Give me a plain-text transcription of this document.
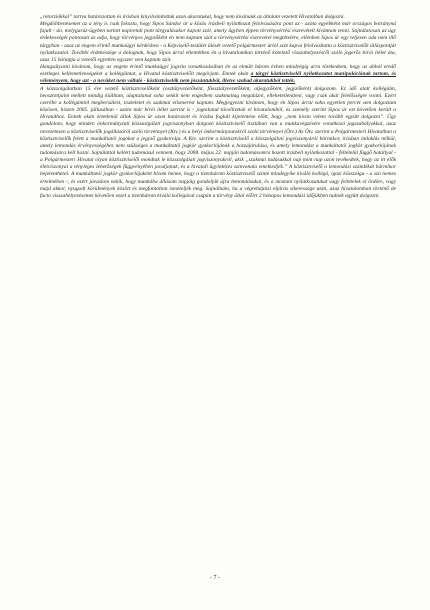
„retorziókkal” tartva határozottan és írásban kinyilvánítottuk azon akaratukat, hogy nem kívánunk az általam vezetett Hivatalban dolgozni.

Megdöbbenésemet az a tény is csak fokozta, hogy Sipos Sándor úr a közös írásbeli nyilatkozat felolvasására pont az - azóta egyébként már országos botrányná fajult - ún. melygaráz-ügyben tartott napirendi pont tárgyalásakor kapott szót, amely ügyben éppen törvénysértési észrevételt kívántam tenni. Sajnálatosan az úgy érdekességét pontosan az adja, hogy törvényes jegyzőként én nem kaptam szót a törvénysértési észrevétel megtételére, ellenben Sipos úr egy teljesen oda nem illő tárgyban - azaz az engem érintő munkaügyi kérdésben - a Képviselő-testület ülését vezető polgármester úrtól szót kapva felolvashatta a köztisztviselők álláspontját nyilatkozatot. További érdekessége a dolognak, hogy Sipos úrral ellentétben én a hivatalomban történő kötelező visszahelyezésről szóló jogerős bírói ítélet óta, azaz 15 hónapja a vezetői egyetlen egyszer sem kaptam szót.

Hangsúlyozni kívánom, hogy az engem érintő munkaügyi jogvita vonatkozásában én az elmúlt három évben mindvégig arra törekedtem, hogy az abból eredő esetleges kellemetlenségeket a kollégáimat, a Hivatal köztisztviselőit megóvjam. Ennek okán a tárgyi köztisztviselői nyilatkozatot manipulációnak tartom, és véleményem, hogy azt - a nevüket nem vállaló - köztisztviselők nem jószántukból, illetve szabad akaratukból tették.

A közszolgálatban 15 éve vezető köztisztviselőként (osztályvezetőként, főosztályvezetőként, aljegyzőként, jegyzőként) dolgozom. Ez idő alatt kollégáim, beosztottjaim mellett mindig kiálltam, alaptalanul soha senkit nem engedtem szakmailag megalázni, ellehetetleníteni, vagy csak akár felelősségre vonni. Ezért cserébe a kollégámtól megbecsülést, tiszteletet és szakmai elismerést kaptam. Megjegyezni kívánom, hogy én Sipos úrral soha egyetlen percet sem dolgoztam közösen, hiszen 2005. júliusában - azóta már bírói ítélet szerint is - jogtalanul távolítottak el hivatalomból, és személy szerint Sipos úr ezt követően került a Hivatalhoz. Ennek okán értetlenül állok Sipos úr azon határozott és írásba foglalt kijelentése előtt, hogy „nem kíván velem tovább együtt dolgozni”. Úgy gondolom, hogy minden önkormányzati közszolgálati jogviszonyban dolgozó köztisztviselő tisztában van a munkavégzésére vonatkozó jogszabályokkal, azaz nevezetesen a köztisztviselők jogállásáról szóló törvénnyel (Ktv.) és a helyi önkormányzatokról szóló törvénnyel (Ötv.) Az Ötv. szerint a Polgármesteri Hivatalban a köztisztviselők felett a munkáltatói jogokat a jegyző gyakorolja. A Ktv. szerint a köztisztviselő a közszolgálati jogviszonyáról bármikor, írásban indoklás nélkül, amely lemondás érvényességéhez nem szükséges a munkáltatói jogkör gyakorlójának a hozzájárulása, és amely lemondást a munkáltatói jogkör gyakorlójának tudomására kell hozni. Sajnálattal kellett tudomásul vennem, hogy 2008. május 22. napján tudomásomra hozott írásbeli nyilatkozattal - feltételül függő hatállyal - a Polgármesteri Hivatal olyan köztisztviselői mondtak le közszolgálati jogviszonyukról, akik „szakmai tudásukkal nap mint nap azon tevékedtek, hogy az itt élők életviszonyai a tényleges lehetőségek függvényében javuljanak, és a hivatali ügyintézés színvonala emelkedjék.” A köztisztviselő a lemondási szándékát bármikor bejelenthetni. A munkáltatói jogkör gyakorlójaként bízom benne, hogy a tizenhárom köztisztviselő szinte mindegyike kiváló kollégá, igazi közszolga - a szó nemes értelmében -, és ezért javaslom nekik, hogy munkába állásom napjáig gondolják újra lemondásukat, és a mostani nyilatkozatukat vagy feltételek el ördöre, vagy majd akkor, nyugodt körülmények között és megfontoltan ismételjék meg. Sajnálnám, ha a végrehajtási eljárás sikeressége után, azaz hivatalomban történő de facto visszahelyezésemet követően ezzel a tizenhárom kiváló kollégával csupán a törvény által előírt 2 hónapos lemondási időjükben tudnék együtt dolgozni.

- 7 -
